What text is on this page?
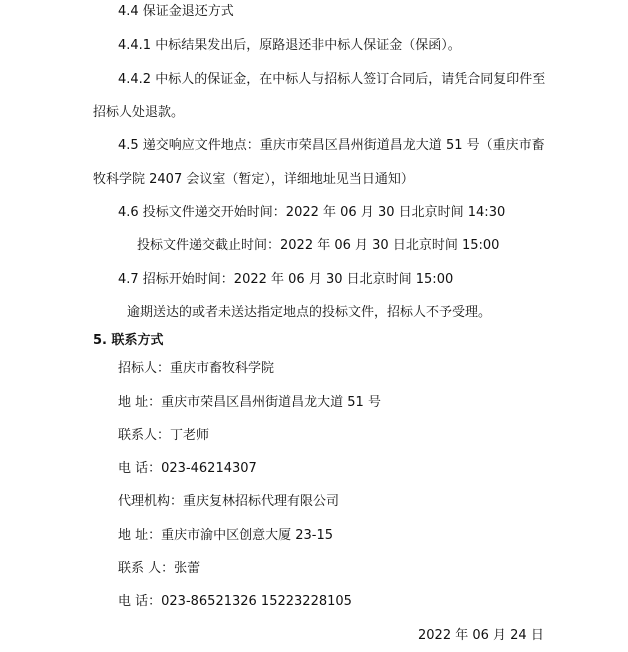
4.4 保证金退还方式
4.4.1 中标结果发出后，原路退还非中标人保证金（保函）。
4.4.2 中标人的保证金，在中标人与招标人签订合同后，请凭合同复印件至
招标人处退款。
4.5 递交响应文件地点：重庆市荣昌区昌州街道昌龙大道 51 号（重庆市畜
牧科学院 2407 会议室（暂定），详细地址见当日通知）
4.6 投标文件递交开始时间：2022 年 06 月 30 日北京时间 14:30
投标文件递交截止时间：2022 年 06 月 30 日北京时间 15:00
4.7 招标开始时间：2022 年 06 月 30 日北京时间 15:00
逾期送达的或者未送达指定地点的投标文件，招标人不予受理。
5. 联系方式
招标人：重庆市畜牧科学院
地 址：重庆市荣昌区昌州街道昌龙大道 51 号
联系人：丁老师
电 话：023-46214307
代理机构：重庆复林招标代理有限公司
地 址：重庆市渝中区创意大厦 23-15
联系 人：张蕾
电 话：023-86521326 15223228105
2022 年 06 月 24 日
